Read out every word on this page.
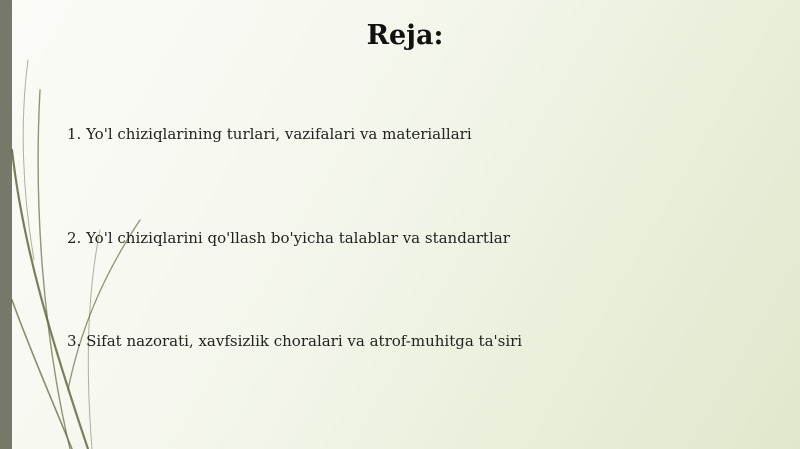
Reja:
1. Yo'l chiziqlarining turlari, vazifalari va materiallari
2. Yo'l chiziqlarini qo'llash bo'yicha talablar va standartlar
3. Sifat nazorati, xavfsizlik choralari va atrof-muhitga ta'siri
